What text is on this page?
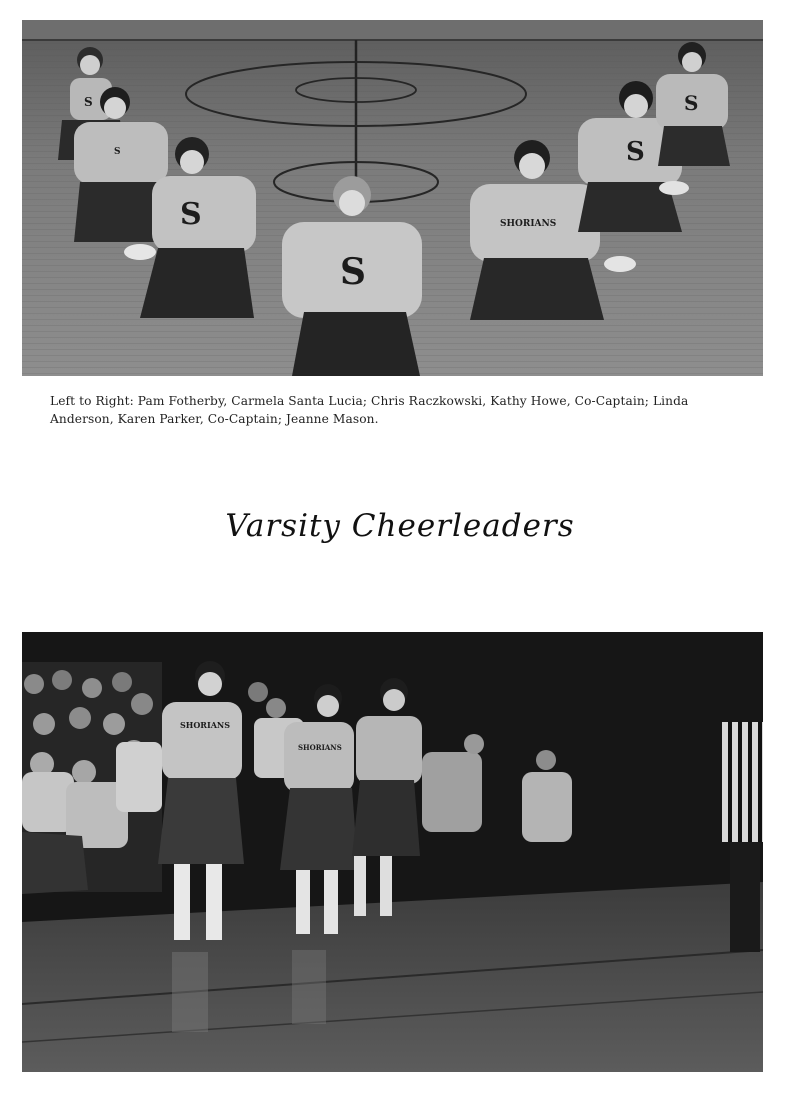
S
S
S
S
S
S
SHORIANS

Left to Right: Pam Fotherby, Carmela Santa Lucia; Chris Raczkowski, Kathy Howe, Co-Captain; Linda Anderson, Karen Parker, Co-Captain; Jeanne Mason.

Varsity Cheerleaders
SHORIANS
SHORIANS
